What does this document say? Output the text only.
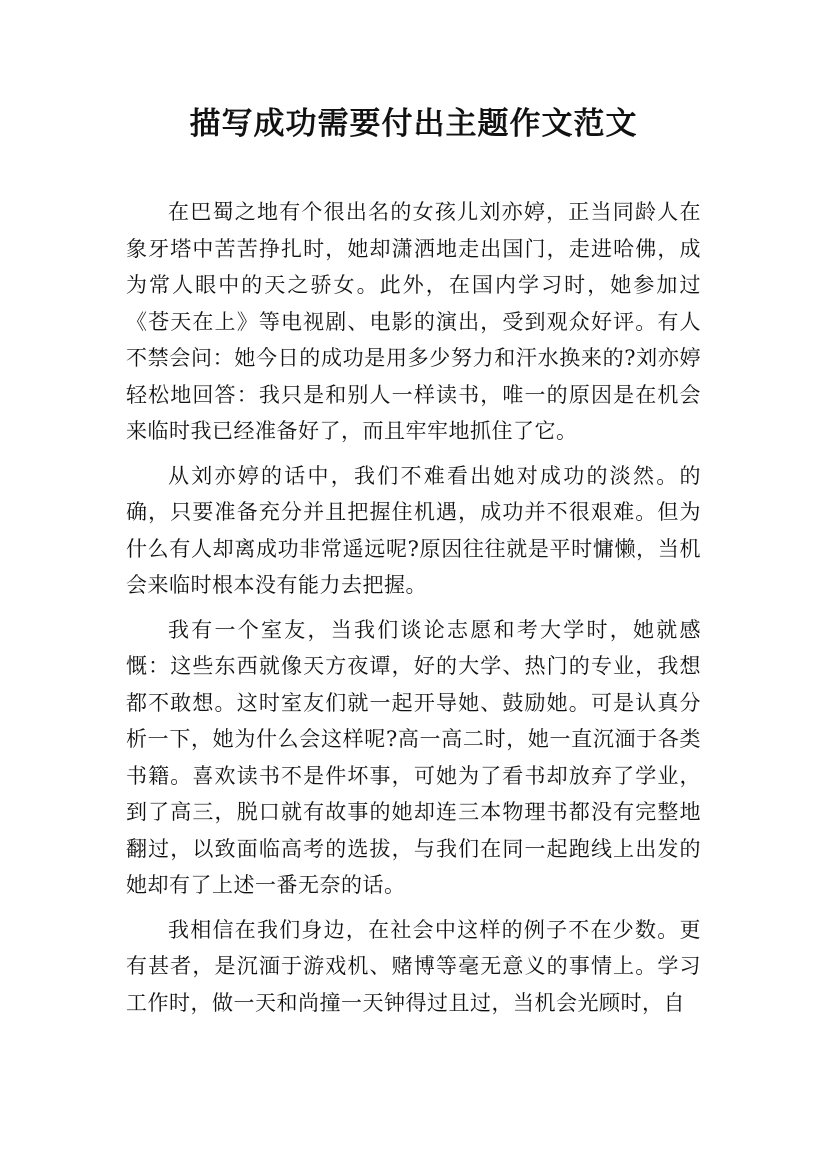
描写成功需要付出主题作文范文

在巴蜀之地有个很出名的女孩儿刘亦婷，正当同龄人在象牙塔中苦苦挣扎时，她却潇洒地走出国门，走进哈佛，成为常人眼中的天之骄女。此外，在国内学习时，她参加过《苍天在上》等电视剧、电影的演出，受到观众好评。有人不禁会问：她今日的成功是用多少努力和汗水换来的?刘亦婷轻松地回答：我只是和别人一样读书，唯一的原因是在机会来临时我已经准备好了，而且牢牢地抓住了它。

从刘亦婷的话中，我们不难看出她对成功的淡然。的确，只要准备充分并且把握住机遇，成功并不很艰难。但为什么有人却离成功非常遥远呢?原因往往就是平时慵懒，当机会来临时根本没有能力去把握。

我有一个室友，当我们谈论志愿和考大学时，她就感慨：这些东西就像天方夜谭，好的大学、热门的专业，我想都不敢想。这时室友们就一起开导她、鼓励她。可是认真分析一下，她为什么会这样呢?高一高二时，她一直沉湎于各类书籍。喜欢读书不是件坏事，可她为了看书却放弃了学业，到了高三，脱口就有故事的她却连三本物理书都没有完整地翻过，以致面临高考的选拔，与我们在同一起跑线上出发的她却有了上述一番无奈的话。

我相信在我们身边，在社会中这样的例子不在少数。更有甚者，是沉湎于游戏机、赌博等毫无意义的事情上。学习工作时，做一天和尚撞一天钟得过且过，当机会光顾时，自
